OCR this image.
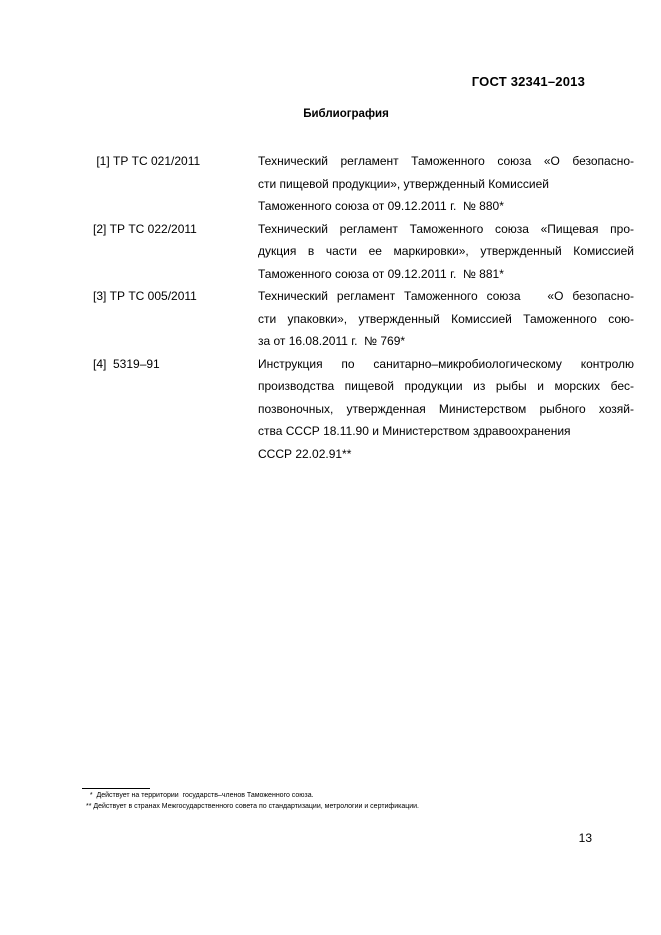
ГОСТ 32341–2013
Библиография
[1] ТР ТС 021/2011	Технический регламент Таможенного союза «О безопасно-
сти пищевой продукции», утвержденный Комиссией
Таможенного союза от 09.12.2011 г.  № 880*
[2] ТР ТС 022/2011	Технический регламент Таможенного союза «Пищевая про-
дукция в части ее маркировки», утвержденный Комиссией
Таможенного союза от 09.12.2011 г.  № 881*
[3] ТР ТС 005/2011	Технический регламент Таможенного союза   «О безопасно-
сти упаковки», утвержденный Комиссией Таможенного сою-
за от 16.08.2011 г.  № 769*
[4]  5319–91	Инструкция по санитарно–микробиологическому контролю
производства пищевой продукции из рыбы и морских бес-
позвоночных, утвержденная Министерством рыбного хозяй-
ства СССР 18.11.90 и Министерством здравоохранения
СССР 22.02.91**
*  Действует на территории  государств–членов Таможенного союза.
** Действует в странах Межгосударственного совета по стандартизации, метрологии и сертификации.
13
